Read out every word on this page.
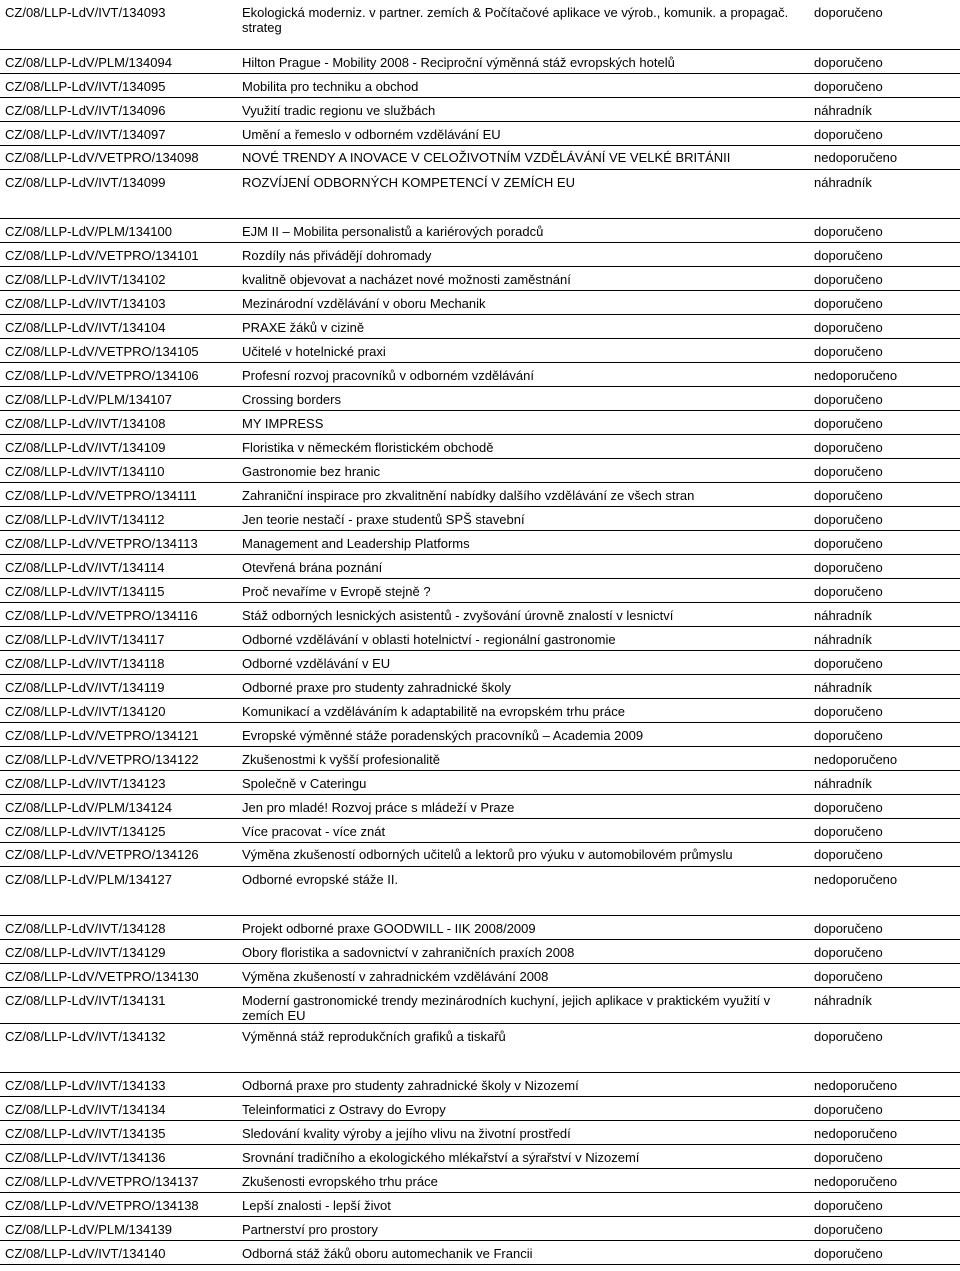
CZ/08/LLP-LdV/IVT/134093	Ekologická moderniz. v partner. zemích & Počítačové aplikace ve výrob., komunik. a propagač. strateg	doporučeno
CZ/08/LLP-LdV/PLM/134094	Hilton Prague - Mobility 2008 - Reciproční výměnná stáž evropských hotelů	doporučeno
CZ/08/LLP-LdV/IVT/134095	Mobilita pro techniku a obchod	doporučeno
CZ/08/LLP-LdV/IVT/134096	Využití tradic regionu ve službách	náhradník
CZ/08/LLP-LdV/IVT/134097	Umění a řemeslo v odborném vzdělávání EU	doporučeno
CZ/08/LLP-LdV/VETPRO/134098	NOVÉ TRENDY A INOVACE V CELOŽIVOTNÍM VZDĚLÁVÁNÍ VE VELKÉ BRITÁNII	nedoporučeno
CZ/08/LLP-LdV/IVT/134099	ROZVÍJENÍ ODBORNÝCH KOMPETENCÍ V ZEMÍCH EU	náhradník
CZ/08/LLP-LdV/PLM/134100	EJM II – Mobilita personalistů a kariérových poradců	doporučeno
CZ/08/LLP-LdV/VETPRO/134101	Rozdíly nás přivádějí dohromady	doporučeno
CZ/08/LLP-LdV/IVT/134102	kvalitně objevovat a nacházet nové možnosti zaměstnání	doporučeno
CZ/08/LLP-LdV/IVT/134103	Mezinárodní vzdělávání v oboru Mechanik	doporučeno
CZ/08/LLP-LdV/IVT/134104	PRAXE žáků v cizině	doporučeno
CZ/08/LLP-LdV/VETPRO/134105	Učitelé v hotelnické praxi	doporučeno
CZ/08/LLP-LdV/VETPRO/134106	Profesní rozvoj pracovníků v odborném vzdělávání	nedoporučeno
CZ/08/LLP-LdV/PLM/134107	Crossing borders	doporučeno
CZ/08/LLP-LdV/IVT/134108	MY IMPRESS	doporučeno
CZ/08/LLP-LdV/IVT/134109	Floristika v německém floristickém obchodě	doporučeno
CZ/08/LLP-LdV/IVT/134110	Gastronomie bez hranic	doporučeno
CZ/08/LLP-LdV/VETPRO/134111	Zahraniční inspirace pro zkvalitnění nabídky dalšího vzdělávání ze všech stran	doporučeno
CZ/08/LLP-LdV/IVT/134112	Jen teorie nestačí - praxe studentů SPŠ stavební	doporučeno
CZ/08/LLP-LdV/VETPRO/134113	Management and Leadership Platforms	doporučeno
CZ/08/LLP-LdV/IVT/134114	Otevřená brána poznání	doporučeno
CZ/08/LLP-LdV/IVT/134115	Proč nevaříme v Evropě stejně ?	doporučeno
CZ/08/LLP-LdV/VETPRO/134116	Stáž odborných lesnických asistentů - zvyšování úrovně znalostí v lesnictví	náhradník
CZ/08/LLP-LdV/IVT/134117	Odborné vzdělávání v oblasti hotelnictví - regionální gastronomie	náhradník
CZ/08/LLP-LdV/IVT/134118	Odborné vzdělávání v EU	doporučeno
CZ/08/LLP-LdV/IVT/134119	Odborné praxe pro studenty zahradnické školy	náhradník
CZ/08/LLP-LdV/IVT/134120	Komunikací a vzděláváním k adaptabilitě na evropském trhu práce	doporučeno
CZ/08/LLP-LdV/VETPRO/134121	Evropské výměnné stáže poradenských pracovníků – Academia 2009	doporučeno
CZ/08/LLP-LdV/VETPRO/134122	Zkušenostmi k vyšší profesionalitě	nedoporučeno
CZ/08/LLP-LdV/IVT/134123	Společně v Cateringu	náhradník
CZ/08/LLP-LdV/PLM/134124	Jen pro mladé! Rozvoj práce s mládeží v Praze	doporučeno
CZ/08/LLP-LdV/IVT/134125	Více pracovat - více znát	doporučeno
CZ/08/LLP-LdV/VETPRO/134126	Výměna zkušeností odborných učitelů a lektorů pro výuku v automobilovém průmyslu	doporučeno
CZ/08/LLP-LdV/PLM/134127	Odborné evropské stáže II.	nedoporučeno
CZ/08/LLP-LdV/IVT/134128	Projekt odborné praxe GOODWILL - IIK 2008/2009	doporučeno
CZ/08/LLP-LdV/IVT/134129	Obory floristika a sadovnictví v zahraničních praxích 2008	doporučeno
CZ/08/LLP-LdV/VETPRO/134130	Výměna zkušeností v zahradnickém vzdělávání 2008	doporučeno
CZ/08/LLP-LdV/IVT/134131	Moderní gastronomické trendy mezinárodních kuchyní, jejich aplikace v praktickém využití v zemích EU	náhradník
CZ/08/LLP-LdV/IVT/134132	Výměnná stáž reprodukčních grafiků a tiskařů	doporučeno
CZ/08/LLP-LdV/IVT/134133	Odborná praxe pro studenty zahradnické školy v Nizozemí	nedoporučeno
CZ/08/LLP-LdV/IVT/134134	Teleinformatici z Ostravy do Evropy	doporučeno
CZ/08/LLP-LdV/IVT/134135	Sledování kvality výroby a jejího vlivu na životní prostředí	nedoporučeno
CZ/08/LLP-LdV/IVT/134136	Srovnání tradičního a ekologického mlékařství a sýrařství v Nizozemí	doporučeno
CZ/08/LLP-LdV/VETPRO/134137	Zkušenosti evropského trhu práce	nedoporučeno
CZ/08/LLP-LdV/VETPRO/134138	Lepší znalosti - lepší život	doporučeno
CZ/08/LLP-LdV/PLM/134139	Partnerství pro prostory	doporučeno
CZ/08/LLP-LdV/IVT/134140	Odborná stáž žáků oboru automechanik ve Francii	doporučeno
